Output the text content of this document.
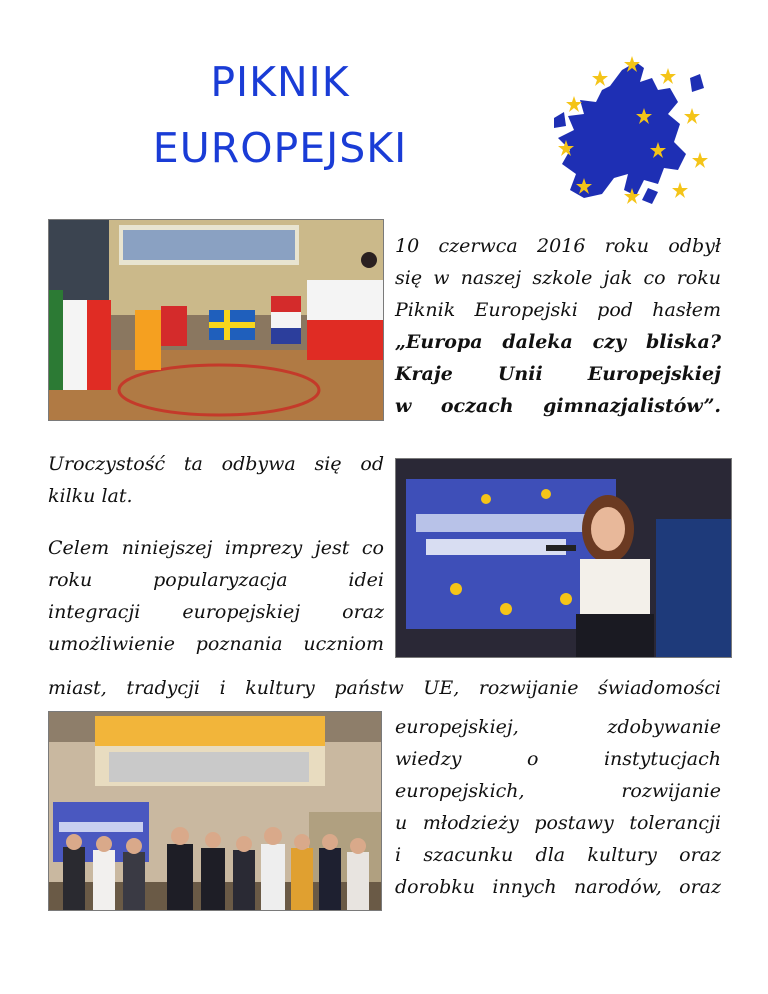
PIKNIK
EUROPEJSKI
10 czerwca 2016 roku odbył
się w naszej szkole jak co roku
Piknik Europejski pod hasłem
„Europa daleka czy bliska?
Kraje Unii Europejskiej
w oczach gimnazjalistów”.
Uroczystość ta odbywa się od
kilku lat.
Celem niniejszej imprezy jest co
roku popularyzacja idei
integracji europejskiej oraz
umożliwienie poznania uczniom
miast, tradycji i kultury państw UE, rozwijanie świadomości
europejskiej, zdobywanie
wiedzy o instytucjach
europejskich, rozwijanie
u młodzieży postawy tolerancji
i szacunku dla kultury oraz
dorobku innych narodów, oraz
